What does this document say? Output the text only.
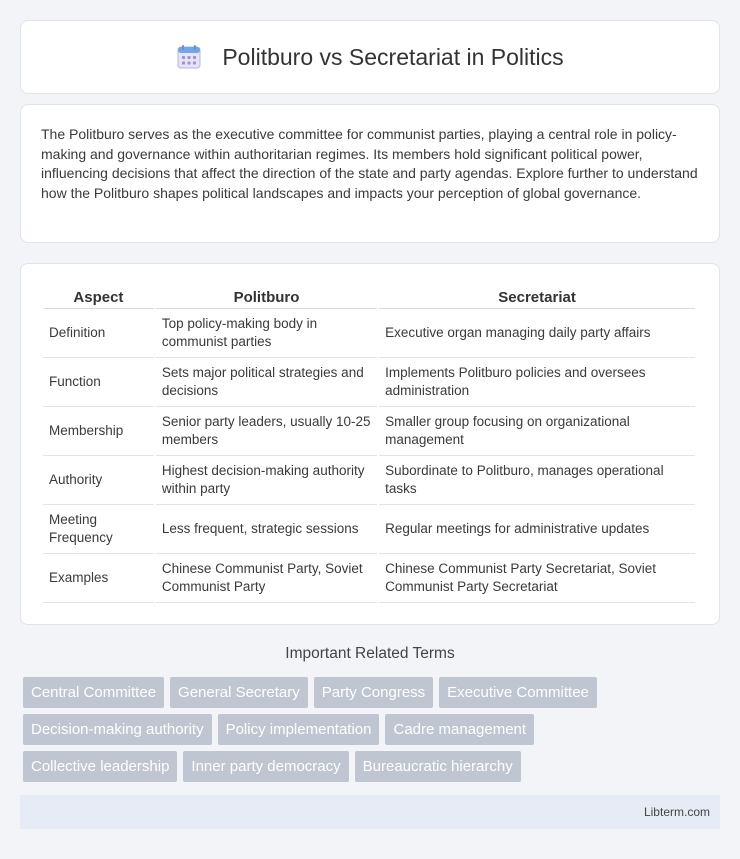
Politburo vs Secretariat in Politics

The Politburo serves as the executive committee for communist parties, playing a central role in policy-making and governance within authoritarian regimes. Its members hold significant political power, influencing decisions that affect the direction of the state and party agendas. Explore further to understand how the Politburo shapes political landscapes and impacts your perception of global governance.

Aspect	Politburo	Secretariat
Definition	Top policy-making body in communist parties	Executive organ managing daily party affairs
Function	Sets major political strategies and decisions	Implements Politburo policies and oversees administration
Membership	Senior party leaders, usually 10-25 members	Smaller group focusing on organizational management
Authority	Highest decision-making authority within party	Subordinate to Politburo, manages operational tasks
Meeting Frequency	Less frequent, strategic sessions	Regular meetings for administrative updates
Examples	Chinese Communist Party, Soviet Communist Party	Chinese Communist Party Secretariat, Soviet Communist Party Secretariat
Important Related Terms
Central Committee	General Secretary	Party Congress	Executive Committee
Decision-making authority	Policy implementation	Cadre management
Collective leadership	Inner party democracy	Bureaucratic hierarchy
Libterm.com
